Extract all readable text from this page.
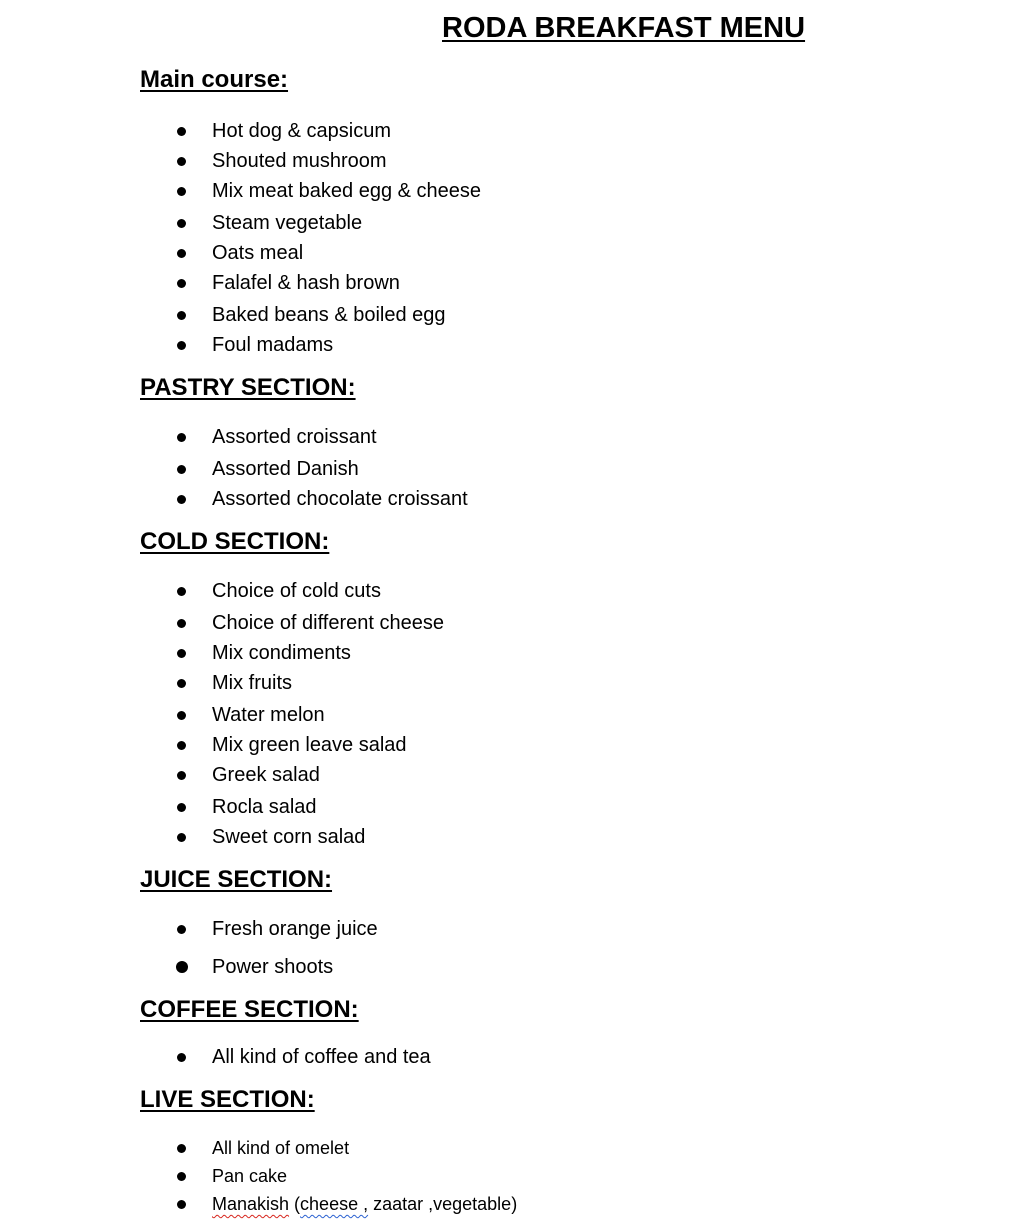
RODA BREAKFAST MENU
Main course:
Hot dog & capsicum
Shouted mushroom
Mix meat baked egg & cheese
Steam vegetable
Oats meal
Falafel & hash brown
Baked beans & boiled egg
Foul madams
PASTRY SECTION:
Assorted croissant
Assorted Danish
Assorted chocolate croissant
COLD SECTION:
Choice of cold cuts
Choice of different cheese
Mix condiments
Mix fruits
Water melon
Mix green leave salad
Greek salad
Rocla salad
Sweet corn salad
JUICE SECTION:
Fresh orange juice
Power shoots
COFFEE SECTION:
All kind of coffee and tea
LIVE SECTION:
All kind of omelet
Pan cake
Manakish (cheese , zaatar ,vegetable)
